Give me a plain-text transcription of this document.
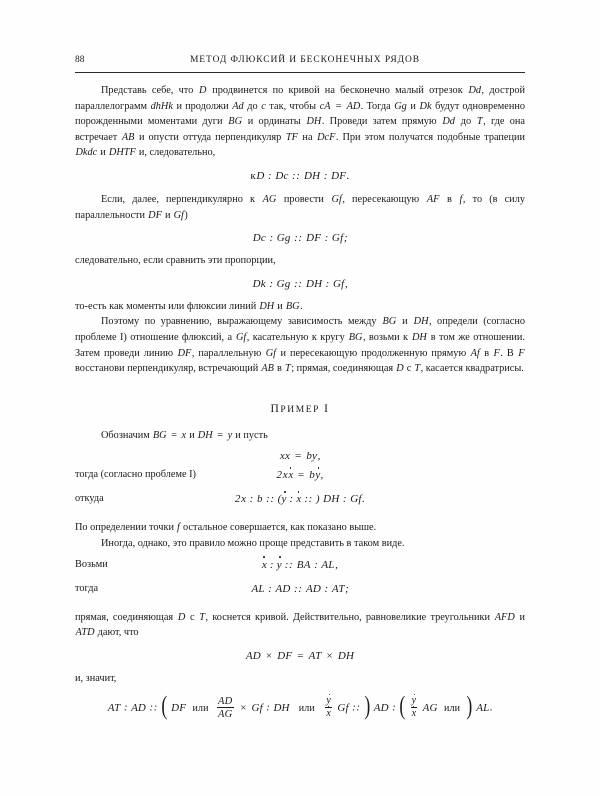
88	МЕТОД ФЛЮКСИЙ И БЕСКОНЕЧНЫХ РЯДОВ

Представь себе, что D продвинется по кривой на бесконечно малый отрезок Dd, дострой параллелограмм dhHk и продолжи Ad до c так, чтобы cA = AD. Тогда Gg и Dk будут одновременно порожденными моментами дуги BG и ординаты DH. Проведи затем прямую Dd до T, где она встречает AB и опусти оттуда перпендикуляр TF на DcF. При этом получатся подобные трапеции Dkdc и DHTF и, следовательно,

кD : Dc :: DH : DF.

Если, далее, перпендикулярно к AG провести Gf, пересекающую AF в f, то (в силу параллельности DF и Gf)

Dc : Gg :: DF : Gf;

следовательно, если сравнить эти пропорции,

Dk : Gg :: DH : Gf,

то-есть как моменты или флюксии линий DH и BG.

Поэтому по уравнению, выражающему зависимость между BG и DH, определи (согласно проблеме I) отношение флюксий, а Gf, касательную к кругу BG, возьми к DH в том же отношении. Затем проведи линию DF, параллельную Gf и пересекающую продолженную прямую Af в F. В F восстанови перпендикуляр, встречающий AB в T; прямая, соединяющая D с T, касается квадратрисы.

ПРИМЕР I

Обозначим BG = x и DH = y и пусть

xx = by,
тогда (согласно проблеме I)	2xx = by,
откуда	2x : b :: (y : x :: ) DH : Gf.

По определении точки f остальное совершается, как показано выше.

Иногда, однако, это правило можно проще представить в таком виде.

Возьми	x : y :: BA : AL,
тогда	AL : AD :: AD : AT;

прямая, соединяющая D с T, коснется кривой. Действительно, равновеликие треугольники AFD и ATD дают, что

AD × DF = AT × DH

и, значит,

AT : AD :: ( DF или $\frac{AD}{AG} \times Gf$ : DH  или $\frac{y}{x}$ Gf :: ) AD : ( $\frac{y}{x}$ AG или ) AL.
